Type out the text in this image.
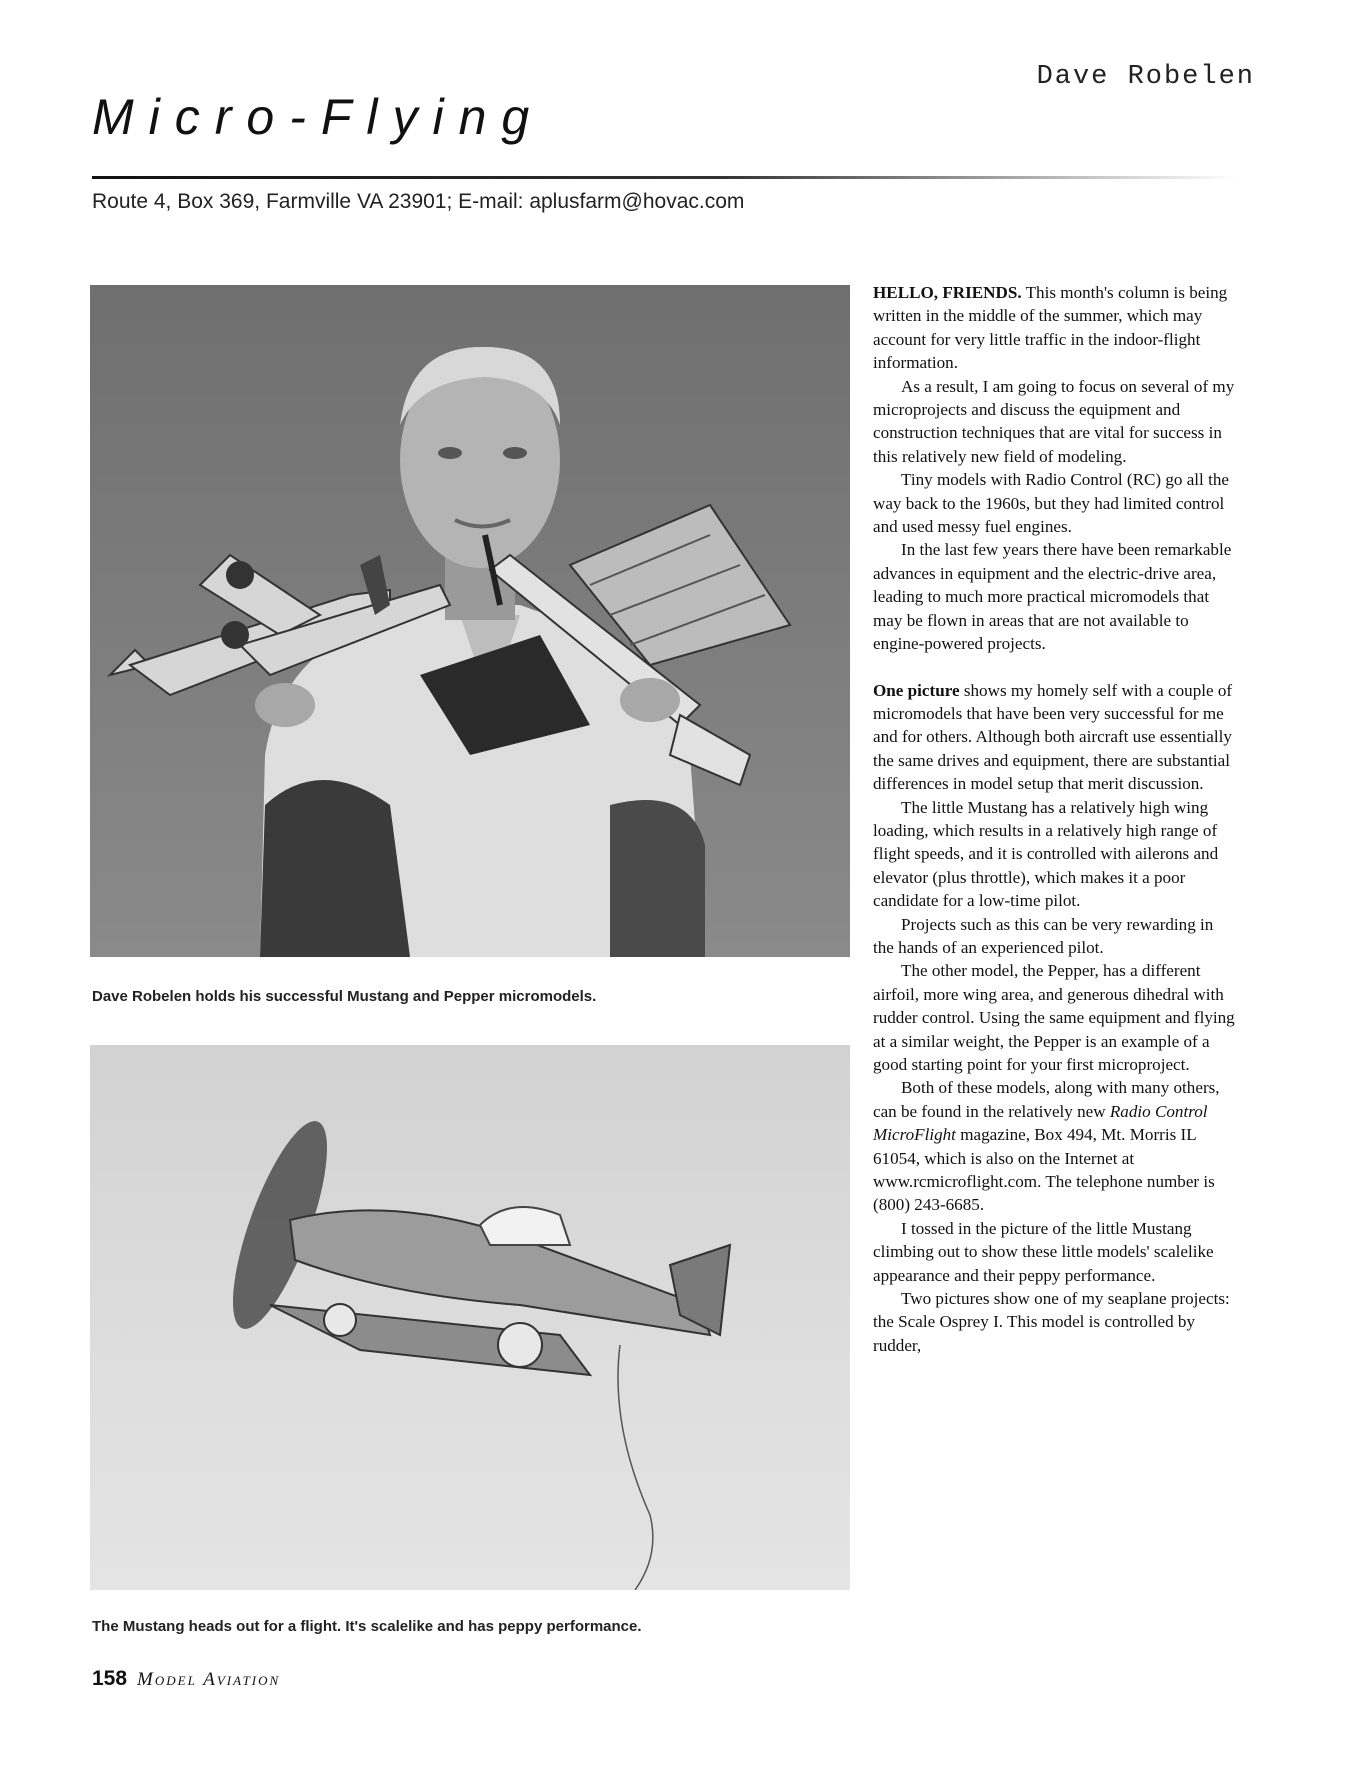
Dave Robelen
Micro-Flying
Route 4, Box 369, Farmville VA 23901; E-mail: aplusfarm@hovac.com
Dave Robelen holds his successful Mustang and Pepper micromodels.
The Mustang heads out for a flight. It's scalelike and has peppy performance.

HELLO, FRIENDS. This month's column is being written in the middle of the summer, which may account for very little traffic in the indoor-flight information.

As a result, I am going to focus on several of my microprojects and discuss the equipment and construction techniques that are vital for success in this relatively new field of modeling.

Tiny models with Radio Control (RC) go all the way back to the 1960s, but they had limited control and used messy fuel engines.

In the last few years there have been remarkable advances in equipment and the electric-drive area, leading to much more practical micromodels that may be flown in areas that are not available to engine-powered projects.

One picture shows my homely self with a couple of micromodels that have been very successful for me and for others. Although both aircraft use essentially the same drives and equipment, there are substantial differences in model setup that merit discussion.

The little Mustang has a relatively high wing loading, which results in a relatively high range of flight speeds, and it is controlled with ailerons and elevator (plus throttle), which makes it a poor candidate for a low-time pilot.

Projects such as this can be very rewarding in the hands of an experienced pilot.

The other model, the Pepper, has a different airfoil, more wing area, and generous dihedral with rudder control. Using the same equipment and flying at a similar weight, the Pepper is an example of a good starting point for your first microproject.

Both of these models, along with many others, can be found in the relatively new Radio Control MicroFlight magazine, Box 494, Mt. Morris IL 61054, which is also on the Internet at www.rcmicroflight.com. The telephone number is (800) 243-6685.

I tossed in the picture of the little Mustang climbing out to show these little models' scalelike appearance and their peppy performance.

Two pictures show one of my seaplane projects: the Scale Osprey I. This model is controlled by rudder,

158 Model Aviation
